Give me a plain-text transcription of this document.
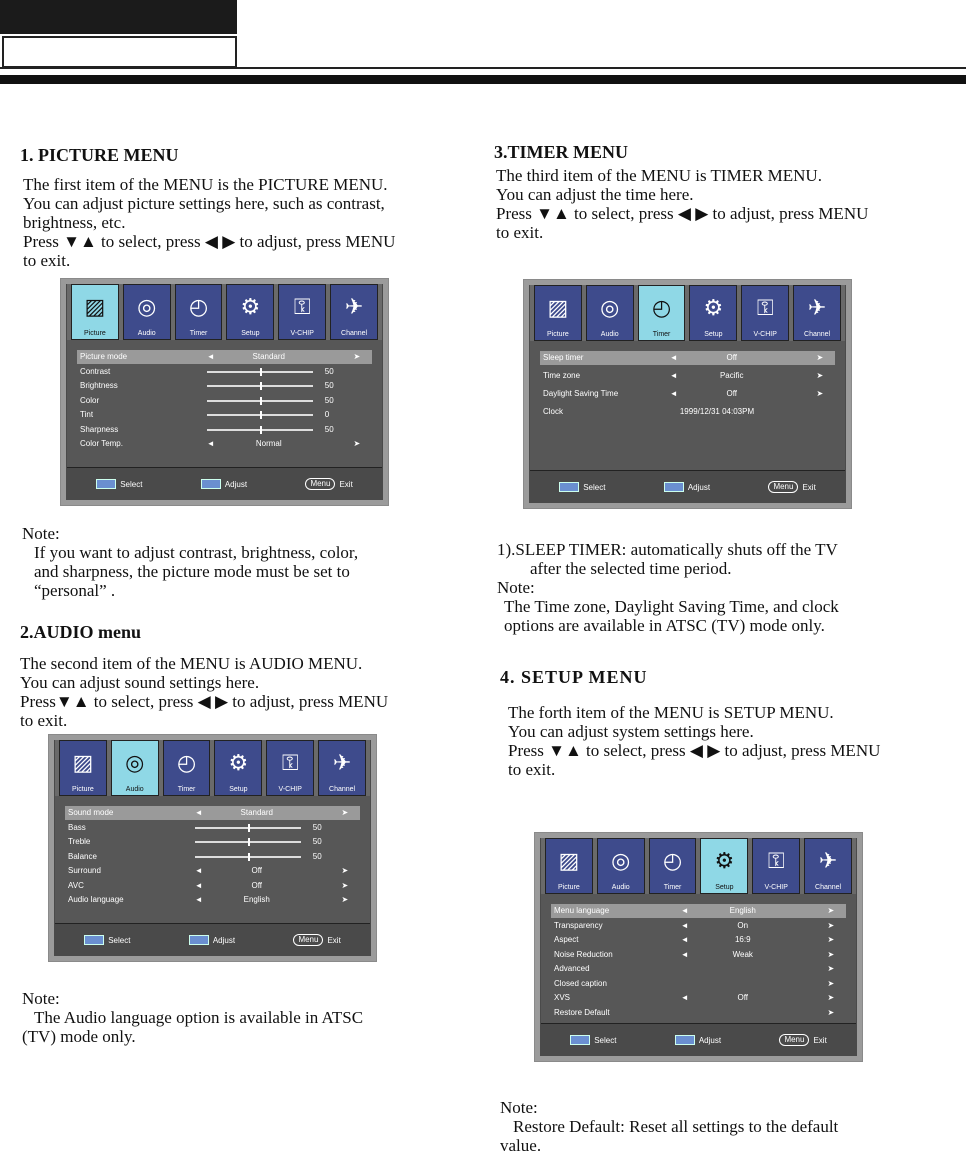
1. PICTURE MENU
The first item of the MENU is the PICTURE MENU.
You can adjust picture settings here, such as contrast,
brightness, etc.
Press ▼▲ to select, press ◀ ▶ to adjust, press MENU
to exit.
▨
Picture
◎
Audio
◴
Timer
⚙
Setup
⚿
V-CHIP
✈
Channel
Picture mode	◄	Standard	➤
Contrast	50
Brightness	50
Color	50
Tint	0
Sharpness	50
Color Temp.	◄	Normal	➤
Select	Adjust	Menu	Exit
Note:
If you want to adjust contrast, brightness, color,
and sharpness, the picture mode must be set to
“personal” .
2.AUDIO menu
The second item of the MENU is AUDIO MENU.
You can adjust sound settings here.
Press▼▲ to select, press ◀ ▶ to adjust, press MENU
to exit.
▨
Picture
◎
Audio
◴
Timer
⚙
Setup
⚿
V-CHIP
✈
Channel
Sound mode	◄	Standard	➤
Bass	50
Treble	50
Balance	50
Surround	◄	Off	➤
AVC	◄	Off	➤
Audio language	◄	English	➤
Select	Adjust	Menu	Exit
Note:
The Audio language option is available in ATSC
(TV) mode only.
3.TIMER MENU
The third item of the MENU is TIMER MENU.
You can adjust the time here.
Press ▼▲ to select, press ◀ ▶ to adjust, press MENU
to exit.
▨
Picture
◎
Audio
◴
Timer
⚙
Setup
⚿
V-CHIP
✈
Channel
Sleep timer	◄	Off	➤
Time zone	◄	Pacific	➤
Daylight Saving Time	◄	Off	➤
Clock	1999/12/31 04:03PM
Select	Adjust	Menu	Exit
1).SLEEP TIMER: automatically shuts off the TV
after the selected time period.
Note:
The Time zone, Daylight Saving Time, and clock
options are available in ATSC (TV) mode only.
4. SETUP MENU
The forth item of the MENU is SETUP MENU.
You can adjust system settings here.
Press ▼▲ to select, press ◀ ▶ to adjust, press MENU
to exit.
▨
Picture
◎
Audio
◴
Timer
⚙
Setup
⚿
V-CHIP
✈
Channel
Menu language	◄	English	➤
Transparency	◄	On	➤
Aspect	◄	16:9	➤
Noise Reduction	◄	Weak	➤
Advanced	➤
Closed caption	➤
XVS	◄	Off	➤
Restore Default	➤
Select	Adjust	Menu	Exit
Note:
Restore Default: Reset all settings to the default
value.
